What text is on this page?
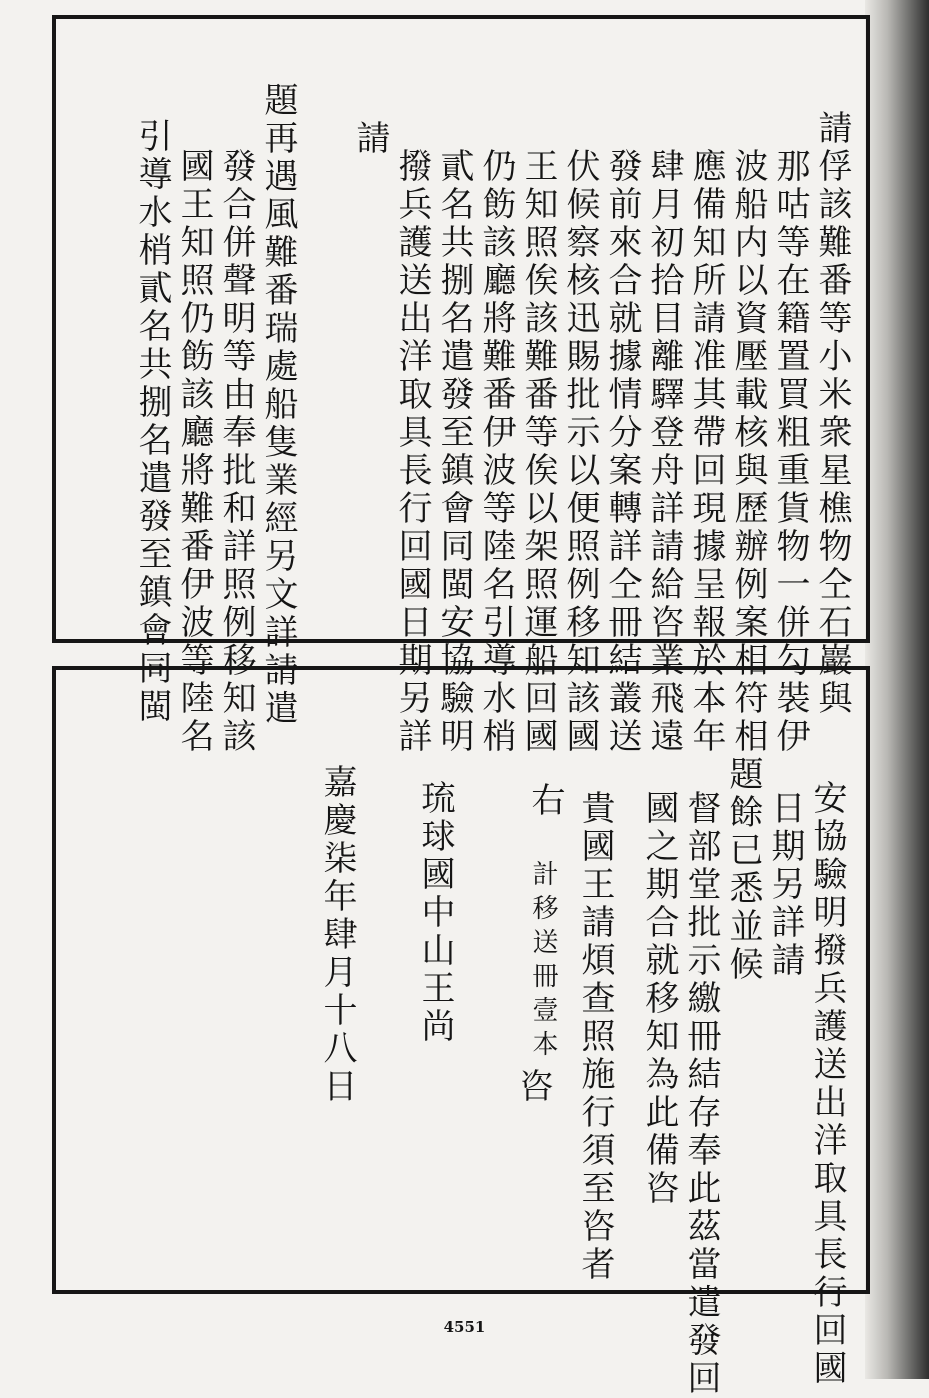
請俘該難番等小米衆星樵物仝石巖與
那咕等在籍置買粗重貨物一併勾裝伊
波船内以資壓載核與歷辦例案相符相
應備知所請准其帶回現據呈報於本年
肆月初拾目離驛登舟詳請給咨業飛遠
發前來合就據情分案轉詳仝冊結叢送
伏候察核迅賜批示以便照例移知該國
王知照俟該難番等俟以架照運船回國
仍飭該廳將難番伊波等陸名引導水梢
貳名共捌名遣發至鎮會同閩安協驗明
撥兵護送出洋取具長行回國日期另詳
請
題再遇風難番瑞處船隻業經另文詳請遣
發合併聲明等由奉批和詳照例移知該
國王知照仍飭該廳將難番伊波等陸名
引導水梢貳名共捌名遣發至鎮會同閩
安協驗明撥兵護送出洋取具長行回國
日期另詳請
題餘已悉並候
督部堂批示繳冊結存奉此茲當遣發回
國之期合就移知為此備咨
貴國王請煩查照施行須至咨者
右
計移送冊壹本
咨
琉球國中山王尚
嘉慶柒年肆月十八日
4551
